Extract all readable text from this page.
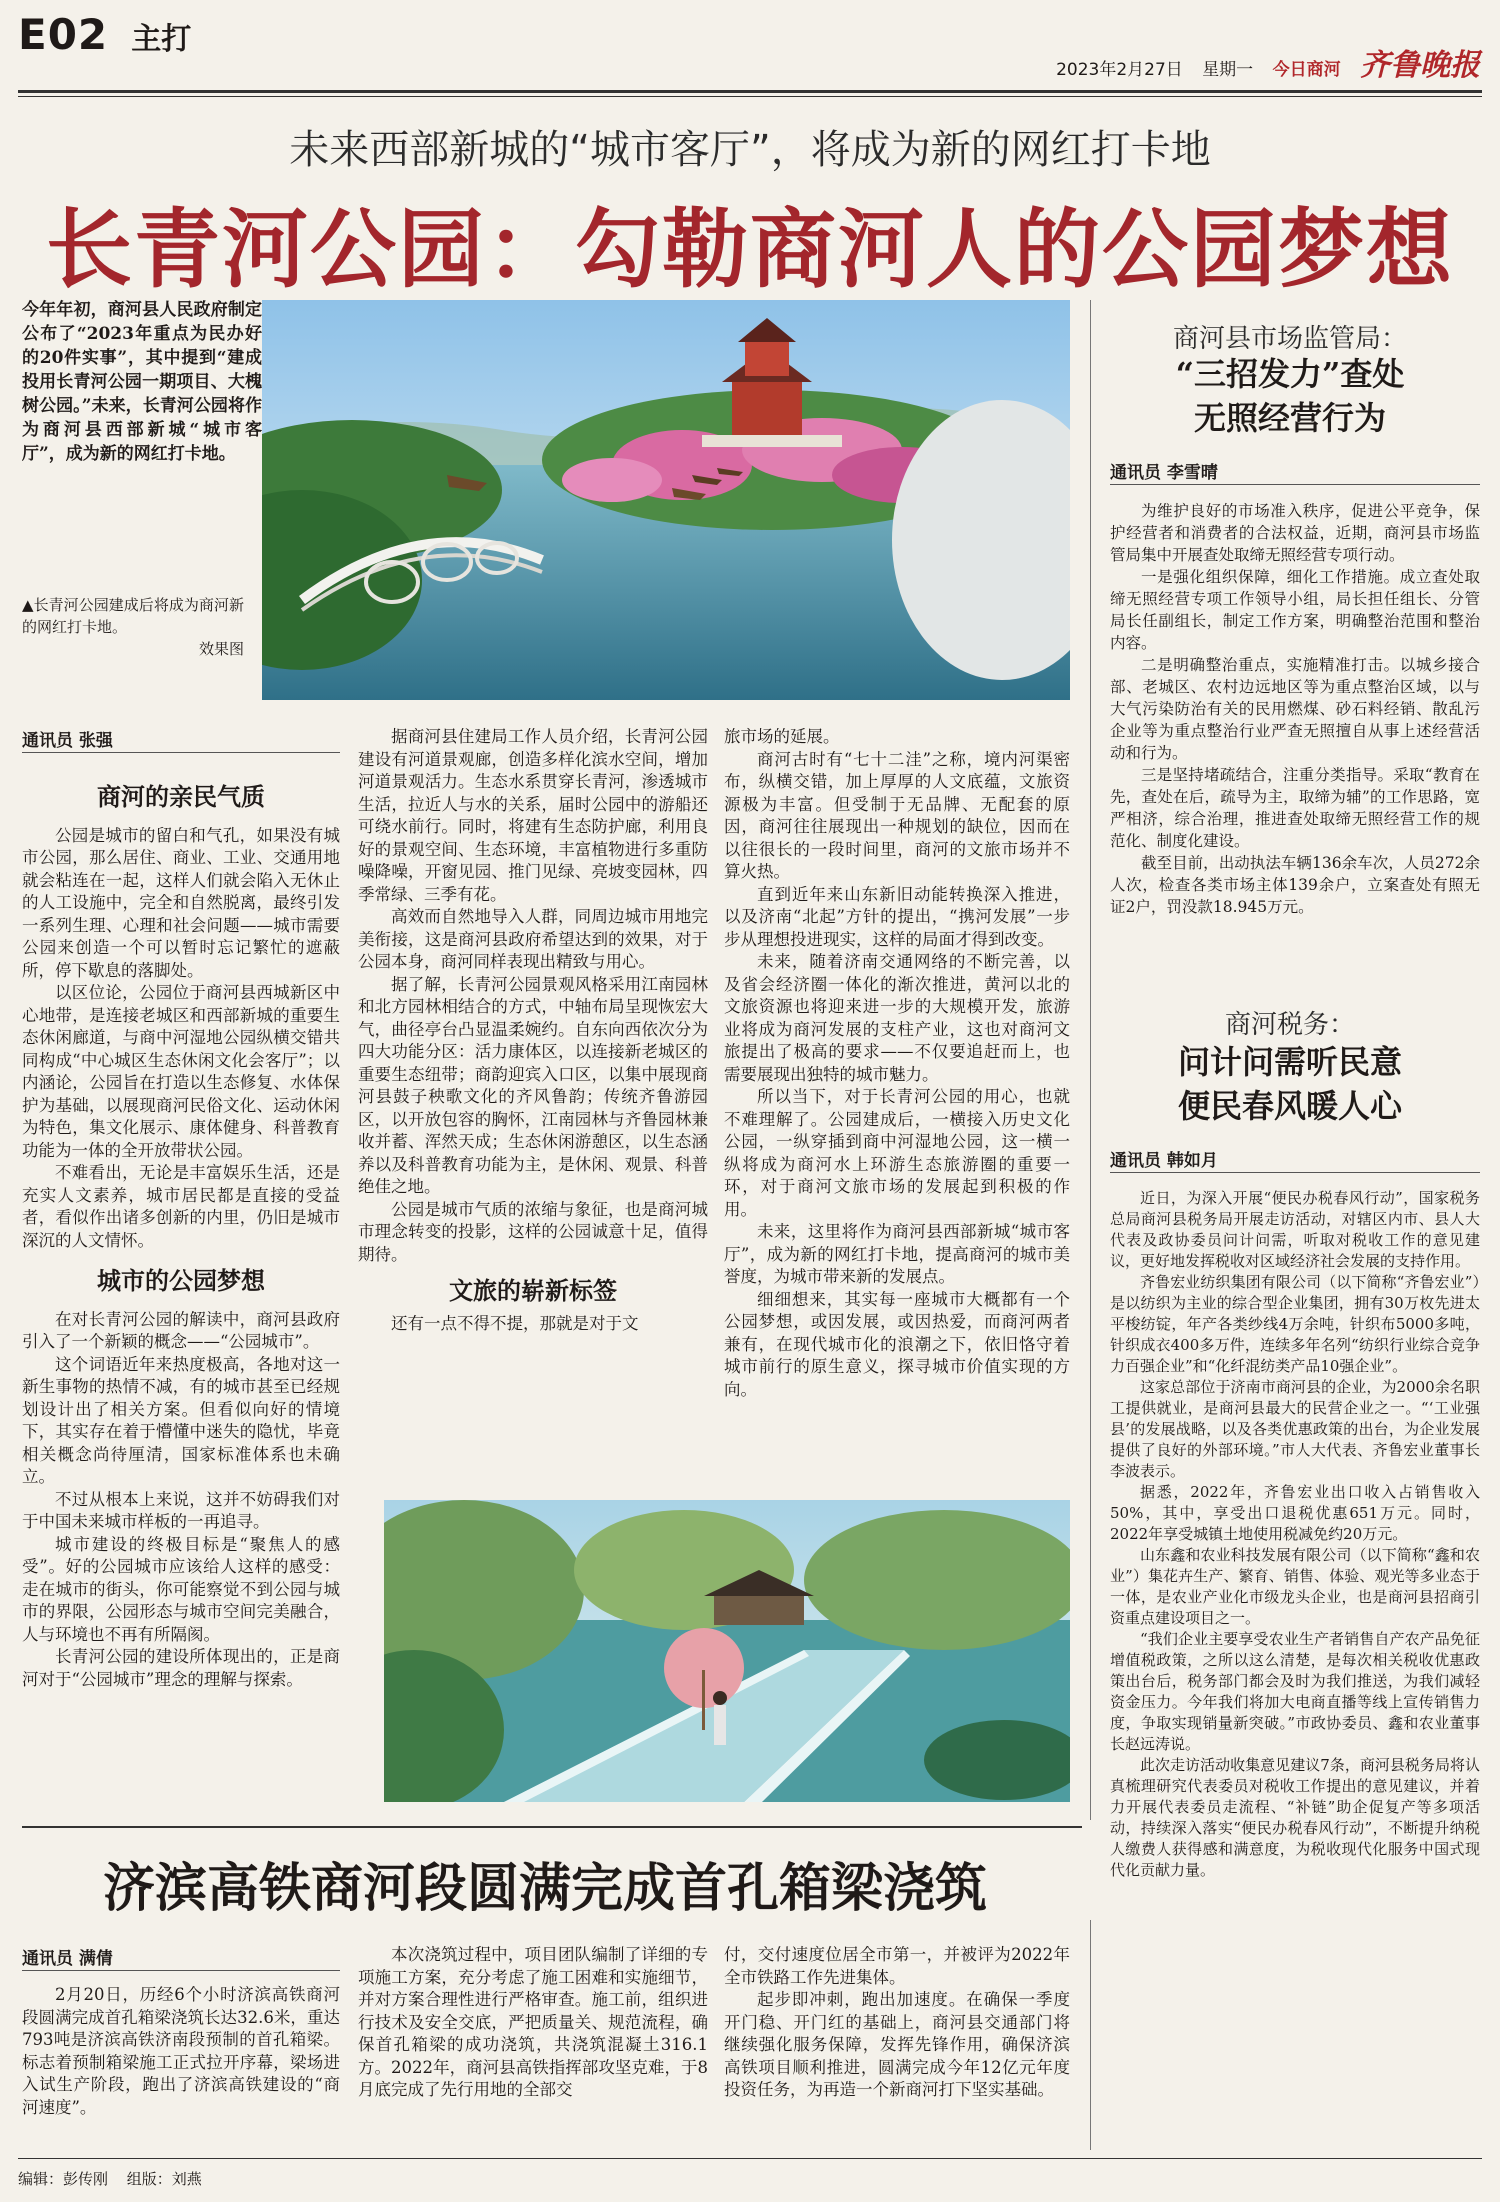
E02 主打
2023年2月27日 星期一 今日商河 齐鲁晚报
未来西部新城的“城市客厅”，将成为新的网红打卡地
长青河公园：勾勒商河人的公园梦想
今年年初，商河县人民政府制定公布了“2023年重点为民办好的20件实事”，其中提到“建成投用长青河公园一期项目、大槐树公园。”未来，长青河公园将作为商河县西部新城“城市客厅”，成为新的网红打卡地。
▲长青河公园建成后将成为商河新的网红打卡地。
效果图
通讯员 张强
商河的亲民气质

公园是城市的留白和气孔，如果没有城市公园，那么居住、商业、工业、交通用地就会粘连在一起，这样人们就会陷入无休止的人工设施中，完全和自然脱离，最终引发一系列生理、心理和社会问题——城市需要公园来创造一个可以暂时忘记繁忙的遮蔽所，停下歇息的落脚处。

以区位论，公园位于商河县西城新区中心地带，是连接老城区和西部新城的重要生态休闲廊道，与商中河湿地公园纵横交错共同构成“中心城区生态休闲文化会客厅”；以内涵论，公园旨在打造以生态修复、水体保护为基础，以展现商河民俗文化、运动休闲为特色，集文化展示、康体健身、科普教育功能为一体的全开放带状公园。

不难看出，无论是丰富娱乐生活，还是充实人文素养，城市居民都是直接的受益者，看似作出诸多创新的内里，仍旧是城市深沉的人文情怀。

城市的公园梦想

在对长青河公园的解读中，商河县政府引入了一个新颖的概念——“公园城市”。

这个词语近年来热度极高，各地对这一新生事物的热情不减，有的城市甚至已经规划设计出了相关方案。但看似向好的情境下，其实存在着于懵懂中迷失的隐忧，毕竟相关概念尚待厘清，国家标准体系也未确立。

不过从根本上来说，这并不妨碍我们对于中国未来城市样板的一再追寻。

城市建设的终极目标是“聚焦人的感受”。好的公园城市应该给人这样的感受：走在城市的街头，你可能察觉不到公园与城市的界限，公园形态与城市空间完美融合，人与环境也不再有所隔阂。

长青河公园的建设所体现出的，正是商河对于“公园城市”理念的理解与探索。

据商河县住建局工作人员介绍，长青河公园建设有河道景观廊，创造多样化滨水空间，增加河道景观活力。生态水系贯穿长青河，渗透城市生活，拉近人与水的关系，届时公园中的游船还可绕水前行。同时，将建有生态防护廊，利用良好的景观空间、生态环境，丰富植物进行多重防噪降噪，开窗见园、推门见绿、亮坡变园林，四季常绿、三季有花。

高效而自然地导入人群，同周边城市用地完美衔接，这是商河县政府希望达到的效果，对于公园本身，商河同样表现出精致与用心。

据了解，长青河公园景观风格采用江南园林和北方园林相结合的方式，中轴布局呈现恢宏大气，曲径亭台凸显温柔婉约。自东向西依次分为四大功能分区：活力康体区，以连接新老城区的重要生态纽带；商韵迎宾入口区，以集中展现商河县鼓子秧歌文化的齐风鲁韵；传统齐鲁游园区，以开放包容的胸怀，江南园林与齐鲁园林兼收并蓄、浑然天成；生态休闲游憩区，以生态涵养以及科普教育功能为主，是休闲、观景、科普绝佳之地。

公园是城市气质的浓缩与象征，也是商河城市理念转变的投影，这样的公园诚意十足，值得期待。

文旅的崭新标签

还有一点不得不提，那就是对于文

旅市场的延展。

商河古时有“七十二洼”之称，境内河渠密布，纵横交错，加上厚厚的人文底蕴，文旅资源极为丰富。但受制于无品牌、无配套的原因，商河往往展现出一种规划的缺位，因而在以往很长的一段时间里，商河的文旅市场并不算火热。

直到近年来山东新旧动能转换深入推进，以及济南“北起”方针的提出，“携河发展”一步步从理想投进现实，这样的局面才得到改变。

未来，随着济南交通网络的不断完善，以及省会经济圈一体化的渐次推进，黄河以北的文旅资源也将迎来进一步的大规模开发，旅游业将成为商河发展的支柱产业，这也对商河文旅提出了极高的要求——不仅要追赶而上，也需要展现出独特的城市魅力。

所以当下，对于长青河公园的用心，也就不难理解了。公园建成后，一横接入历史文化公园，一纵穿插到商中河湿地公园，这一横一纵将成为商河水上环游生态旅游圈的重要一环，对于商河文旅市场的发展起到积极的作用。

未来，这里将作为商河县西部新城“城市客厅”，成为新的网红打卡地，提高商河的城市美誉度，为城市带来新的发展点。

细细想来，其实每一座城市大概都有一个公园梦想，或因发展，或因热爱，而商河两者兼有，在现代城市化的浪潮之下，依旧恪守着城市前行的原生意义，探寻城市价值实现的方向。

商河县市场监管局：
“三招发力”查处
无照经营行为
通讯员 李雪晴

为维护良好的市场准入秩序，促进公平竞争，保护经营者和消费者的合法权益，近期，商河县市场监管局集中开展查处取缔无照经营专项行动。

一是强化组织保障，细化工作措施。成立查处取缔无照经营专项工作领导小组，局长担任组长、分管局长任副组长，制定工作方案，明确整治范围和整治内容。

二是明确整治重点，实施精准打击。以城乡接合部、老城区、农村边远地区等为重点整治区域，以与大气污染防治有关的民用燃煤、砂石料经销、散乱污企业等为重点整治行业严查无照擅自从事上述经营活动和行为。

三是坚持堵疏结合，注重分类指导。采取“教育在先，查处在后，疏导为主，取缔为辅”的工作思路，宽严相济，综合治理，推进查处取缔无照经营工作的规范化、制度化建设。

截至目前，出动执法车辆136余车次，人员272余人次，检查各类市场主体139余户，立案查处有照无证2户，罚没款18.945万元。

商河税务：
问计问需听民意
便民春风暖人心
通讯员 韩如月

近日，为深入开展“便民办税春风行动”，国家税务总局商河县税务局开展走访活动，对辖区内市、县人大代表及政协委员问计问需，听取对税收工作的意见建议，更好地发挥税收对区域经济社会发展的支持作用。

齐鲁宏业纺织集团有限公司（以下简称“齐鲁宏业”）是以纺织为主业的综合型企业集团，拥有30万枚先进太平梭纺锭，年产各类纱线4万余吨，针织布5000多吨，针织成衣400多万件，连续多年名列“纺织行业综合竞争力百强企业”和“化纤混纺类产品10强企业”。

这家总部位于济南市商河县的企业，为2000余名职工提供就业，是商河县最大的民营企业之一。“‘工业强县’的发展战略，以及各类优惠政策的出台，为企业发展提供了良好的外部环境。”市人大代表、齐鲁宏业董事长李波表示。

据悉，2022年，齐鲁宏业出口收入占销售收入50%，其中，享受出口退税优惠651万元。同时，2022年享受城镇土地使用税减免约20万元。

山东鑫和农业科技发展有限公司（以下简称“鑫和农业”）集花卉生产、繁育、销售、体验、观光等多业态于一体，是农业产业化市级龙头企业，也是商河县招商引资重点建设项目之一。

“我们企业主要享受农业生产者销售自产农产品免征增值税政策，之所以这么清楚，是每次相关税收优惠政策出台后，税务部门都会及时为我们推送，为我们减轻资金压力。今年我们将加大电商直播等线上宣传销售力度，争取实现销量新突破。”市政协委员、鑫和农业董事长赵远涛说。

此次走访活动收集意见建议7条，商河县税务局将认真梳理研究代表委员对税收工作提出的意见建议，并着力开展代表委员走流程、“补链”助企促复产等多项活动，持续深入落实“便民办税春风行动”，不断提升纳税人缴费人获得感和满意度，为税收现代化服务中国式现代化贡献力量。

济滨高铁商河段圆满完成首孔箱梁浇筑
通讯员 满倩

2月20日，历经6个小时济滨高铁商河段圆满完成首孔箱梁浇筑长达32.6米，重达793吨是济滨高铁济南段预制的首孔箱梁。标志着预制箱梁施工正式拉开序幕，梁场进入试生产阶段，跑出了济滨高铁建设的“商河速度”。

本次浇筑过程中，项目团队编制了详细的专项施工方案，充分考虑了施工困难和实施细节，并对方案合理性进行严格审查。施工前，组织进行技术及安全交底，严把质量关、规范流程，确保首孔箱梁的成功浇筑，共浇筑混凝土316.1方。2022年，商河县高铁指挥部攻坚克难，于8月底完成了先行用地的全部交

付，交付速度位居全市第一，并被评为2022年全市铁路工作先进集体。

起步即冲刺，跑出加速度。在确保一季度开门稳、开门红的基础上，商河县交通部门将继续强化服务保障，发挥先锋作用，确保济滨高铁项目顺利推进，圆满完成今年12亿元年度投资任务，为再造一个新商河打下坚实基础。

编辑：彭传刚 组版：刘燕
